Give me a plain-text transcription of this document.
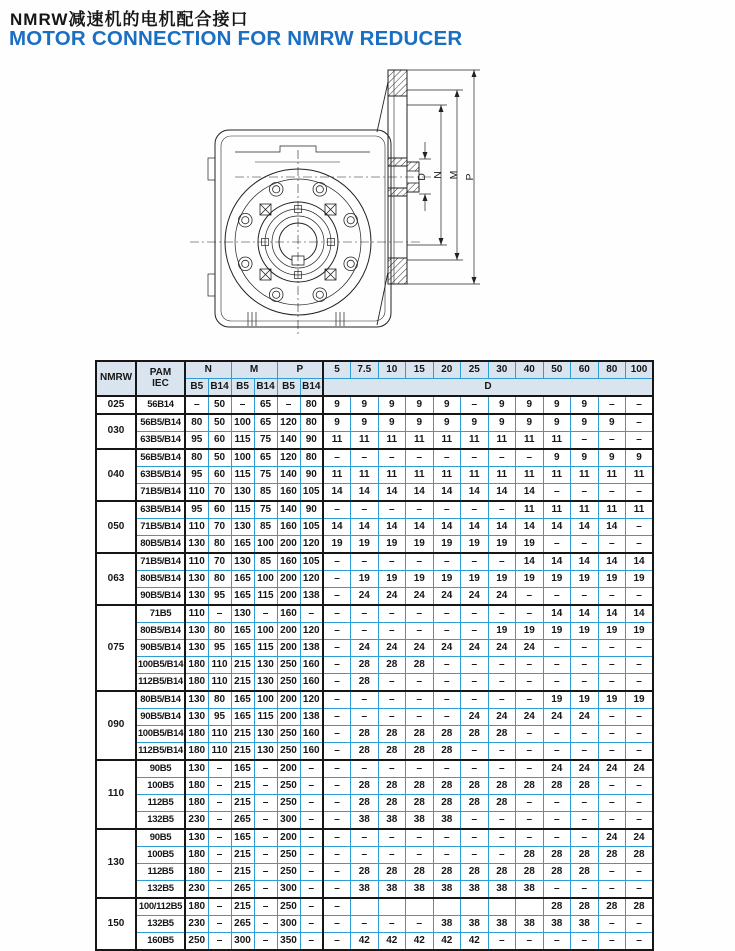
NMRW减速机的电机配合接口
MOTOR CONNECTION FOR NMRW REDUCER
D N M P
NMRW	PAM
IEC	N		M		P		5	7.5	10	15	20	25	30	40	50	60	80	100
		B5	B14	B5	B14	B5	B14	D											
025	56B14	–	50	–	65	–	80	9	9	9	9	9	–	9	9	9	9	–	–
030	56B5/B14	80	50	100	65	120	80	9	9	9	9	9	9	9	9	9	9	9	–
	63B5/B14	95	60	115	75	140	90	11	11	11	11	11	11	11	11	11	–	–	–
040	56B5/B14	80	50	100	65	120	80	–	–	–	–	–	–	–	–	9	9	9	9
	63B5/B14	95	60	115	75	140	90	11	11	11	11	11	11	11	11	11	11	11	11
	71B5/B14	110	70	130	85	160	105	14	14	14	14	14	14	14	14	–	–	–	–
050	63B5/B14	95	60	115	75	140	90	–	–	–	–	–	–	–	11	11	11	11	11
	71B5/B14	110	70	130	85	160	105	14	14	14	14	14	14	14	14	14	14	14	–
	80B5/B14	130	80	165	100	200	120	19	19	19	19	19	19	19	19	–	–	–	–
063	71B5/B14	110	70	130	85	160	105	–	–	–	–	–	–	–	14	14	14	14	14
	80B5/B14	130	80	165	100	200	120	–	19	19	19	19	19	19	19	19	19	19	19
	90B5/B14	130	95	165	115	200	138	–	24	24	24	24	24	24	–	–	–	–	–
075	71B5	110	–	130	–	160	–	–	–	–	–	–	–	–	–	14	14	14	14
	80B5/B14	130	80	165	100	200	120	–	–	–	–	–	–	19	19	19	19	19	19
	90B5/B14	130	95	165	115	200	138	–	24	24	24	24	24	24	24	–	–	–	–
	100B5/B14	180	110	215	130	250	160	–	28	28	28	–	–	–	–	–	–	–	–
	112B5/B14	180	110	215	130	250	160	–	28	–	–	–	–	–	–	–	–	–	–
090	80B5/B14	130	80	165	100	200	120	–	–	–	–	–	–	–	–	19	19	19	19
	90B5/B14	130	95	165	115	200	138	–	–	–	–	–	24	24	24	24	24	–	–
	100B5/B14	180	110	215	130	250	160	–	28	28	28	28	28	28	–	–	–	–	–
	112B5/B14	180	110	215	130	250	160	–	28	28	28	28	–	–	–	–	–	–	–
110	90B5	130	–	165	–	200	–	–	–	–	–	–	–	–	–	24	24	24	24
	100B5	180	–	215	–	250	–	–	28	28	28	28	28	28	28	28	28	–	–
	112B5	180	–	215	–	250	–	–	28	28	28	28	28	28	–	–	–	–	–
	132B5	230	–	265	–	300	–	–	38	38	38	38	–	–	–	–	–	–	–
130	90B5	130	–	165	–	200	–	–	–	–	–	–	–	–	–	–	–	24	24
	100B5	180	–	215	–	250	–	–	–	–	–	–	–	–	28	28	28	28	28
	112B5	180	–	215	–	250	–	–	28	28	28	28	28	28	28	28	28	–	–
	132B5	230	–	265	–	300	–	–	38	38	38	38	38	38	38	–	–	–	–
150	100/112B5	180	–	215	–	250	–	–								28	28	28	28
	132B5	230	–	265	–	300	–	–	–	–	–	38	38	38	38	38	38	–	–
	160B5	250	–	300	–	350	–	–	42	42	42	42	42	–	–	–	–	–	–
